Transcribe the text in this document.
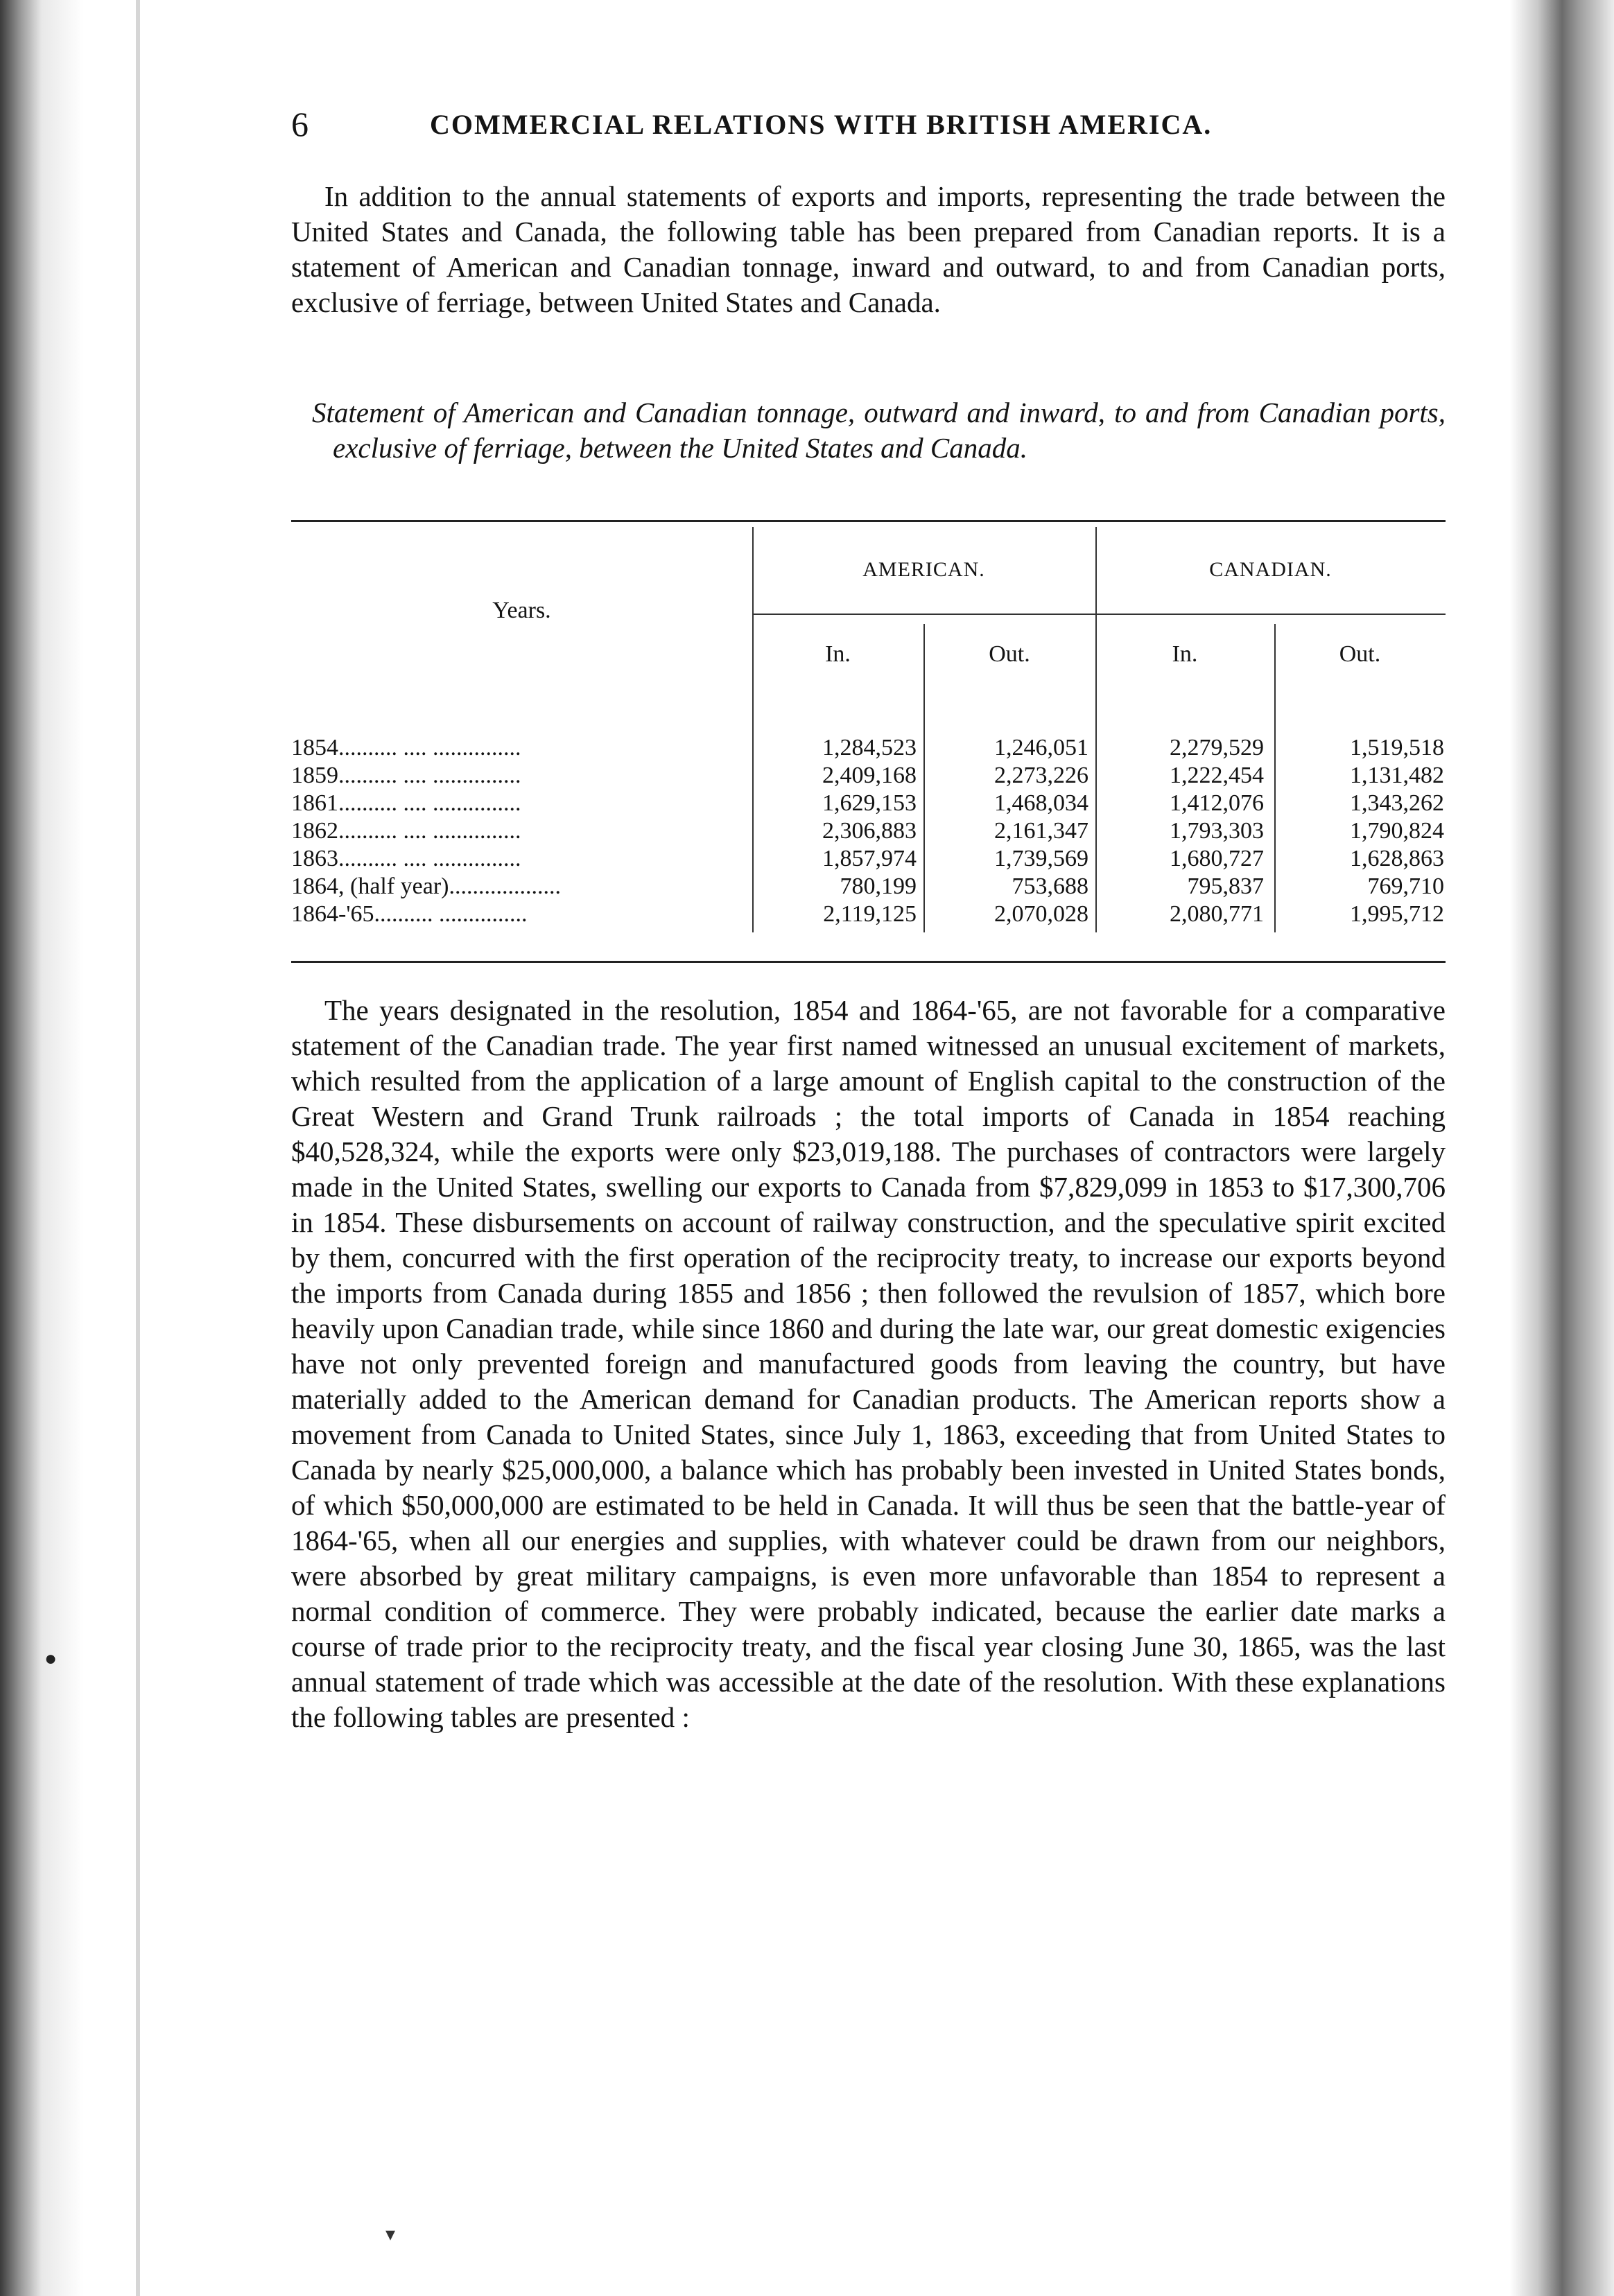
●
▾
6	COMMERCIAL RELATIONS WITH BRITISH AMERICA.

In addition to the annual statements of exports and imports, representing the trade between the United States and Canada, the following table has been prepared from Canadian reports. It is a statement of American and Canadian tonnage, inward and outward, to and from Canadian ports, exclusive of ferriage, between United States and Canada.

Statement of American and Canadian tonnage, outward and inward, to and from Canadian ports, exclusive of ferriage, between the United States and Canada.
Years.
AMERICAN.	CANADIAN.
In.	Out.	In.	Out.
1854.......... .... ...............	1,284,523	1,246,051	2,279,529	1,519,518
1859.......... .... ...............	2,409,168	2,273,226	1,222,454	1,131,482
1861.......... .... ...............	1,629,153	1,468,034	1,412,076	1,343,262
1862.......... .... ...............	2,306,883	2,161,347	1,793,303	1,790,824
1863.......... .... ...............	1,857,974	1,739,569	1,680,727	1,628,863
1864, (half year)...................	780,199	753,688	795,837	769,710
1864-'65.......... ...............	2,119,125	2,070,028	2,080,771	1,995,712

The years designated in the resolution, 1854 and 1864-'65, are not favorable for a comparative statement of the Canadian trade. The year first named witnessed an unusual excitement of markets, which resulted from the application of a large amount of English capital to the construction of the Great Western and Grand Trunk railroads ; the total imports of Canada in 1854 reaching $40,528,324, while the exports were only $23,019,188. The purchases of contractors were largely made in the United States, swelling our exports to Canada from $7,829,099 in 1853 to $17,300,706 in 1854. These disbursements on account of railway construction, and the speculative spirit excited by them, concurred with the first operation of the reciprocity treaty, to increase our exports beyond the imports from Canada during 1855 and 1856 ; then followed the revulsion of 1857, which bore heavily upon Canadian trade, while since 1860 and during the late war, our great domestic exigencies have not only prevented foreign and manufactured goods from leaving the country, but have materially added to the American demand for Canadian products. The American reports show a movement from Canada to United States, since July 1, 1863, exceeding that from United States to Canada by nearly $25,000,000, a balance which has probably been invested in United States bonds, of which $50,000,000 are estimated to be held in Canada. It will thus be seen that the battle-year of 1864-'65, when all our energies and supplies, with whatever could be drawn from our neighbors, were absorbed by great military campaigns, is even more unfavorable than 1854 to represent a normal condition of commerce. They were probably indicated, because the earlier date marks a course of trade prior to the reciprocity treaty, and the fiscal year closing June 30, 1865, was the last annual statement of trade which was accessible at the date of the resolution. With these explanations the following tables are presented :
